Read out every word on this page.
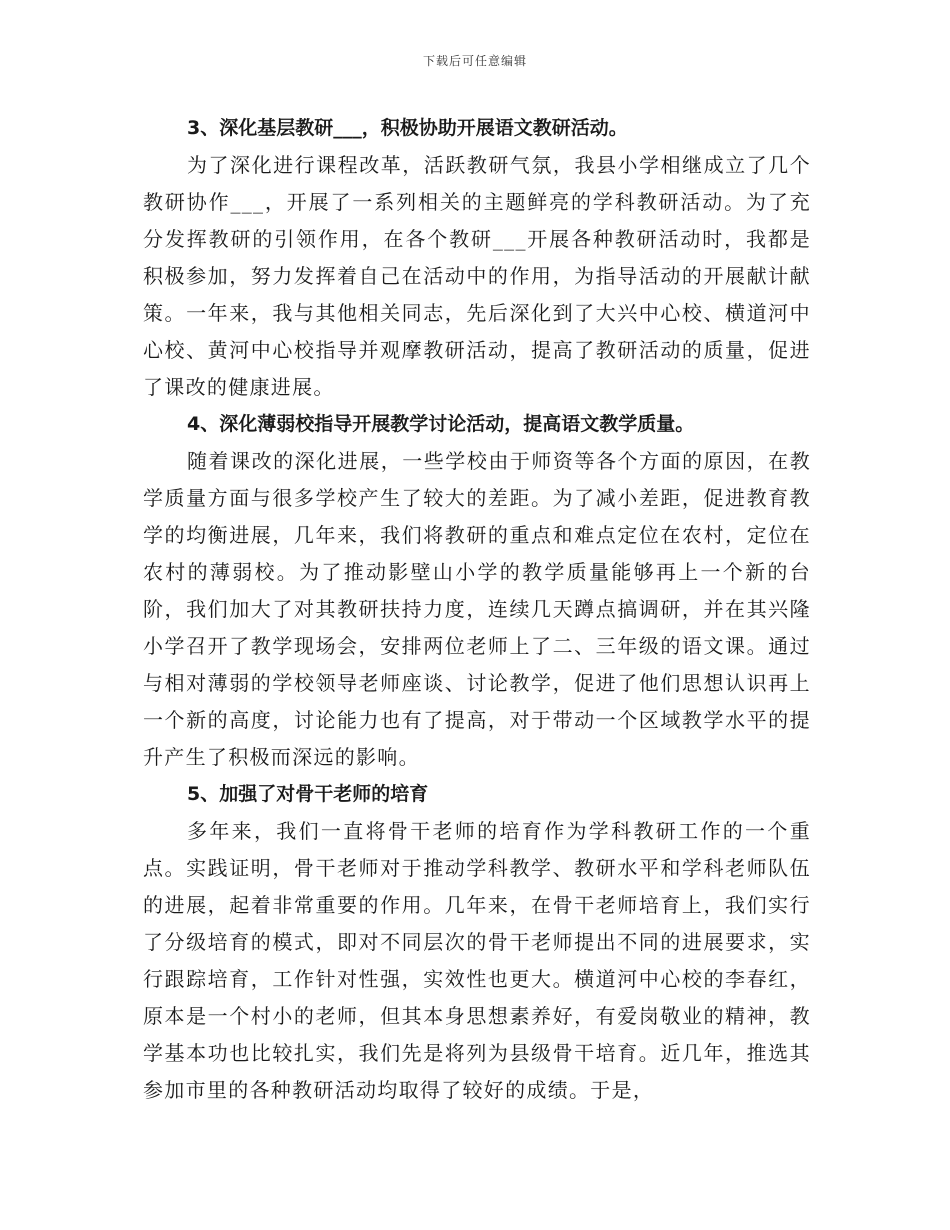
下载后可任意编辑

3、深化基层教研___，积极协助开展语文教研活动。

为了深化进行课程改革，活跃教研气氛，我县小学相继成立了几个教研协作___，开展了一系列相关的主题鲜亮的学科教研活动。为了充分发挥教研的引领作用，在各个教研___开展各种教研活动时，我都是积极参加，努力发挥着自己在活动中的作用，为指导活动的开展献计献策。一年来，我与其他相关同志，先后深化到了大兴中心校、横道河中心校、黄河中心校指导并观摩教研活动，提高了教研活动的质量，促进了课改的健康进展。

4、深化薄弱校指导开展教学讨论活动，提高语文教学质量。

随着课改的深化进展，一些学校由于师资等各个方面的原因，在教学质量方面与很多学校产生了较大的差距。为了减小差距，促进教育教学的均衡进展，几年来，我们将教研的重点和难点定位在农村，定位在农村的薄弱校。为了推动影壁山小学的教学质量能够再上一个新的台阶，我们加大了对其教研扶持力度，连续几天蹲点搞调研，并在其兴隆小学召开了教学现场会，安排两位老师上了二、三年级的语文课。通过与相对薄弱的学校领导老师座谈、讨论教学，促进了他们思想认识再上一个新的高度，讨论能力也有了提高，对于带动一个区域教学水平的提升产生了积极而深远的影响。

5、加强了对骨干老师的培育

多年来，我们一直将骨干老师的培育作为学科教研工作的一个重点。实践证明，骨干老师对于推动学科教学、教研水平和学科老师队伍的进展，起着非常重要的作用。几年来，在骨干老师培育上，我们实行了分级培育的模式，即对不同层次的骨干老师提出不同的进展要求，实行跟踪培育，工作针对性强，实效性也更大。横道河中心校的李春红，原本是一个村小的老师，但其本身思想素养好，有爱岗敬业的精神，教学基本功也比较扎实，我们先是将列为县级骨干培育。近几年，推选其参加市里的各种教研活动均取得了较好的成绩。于是，
